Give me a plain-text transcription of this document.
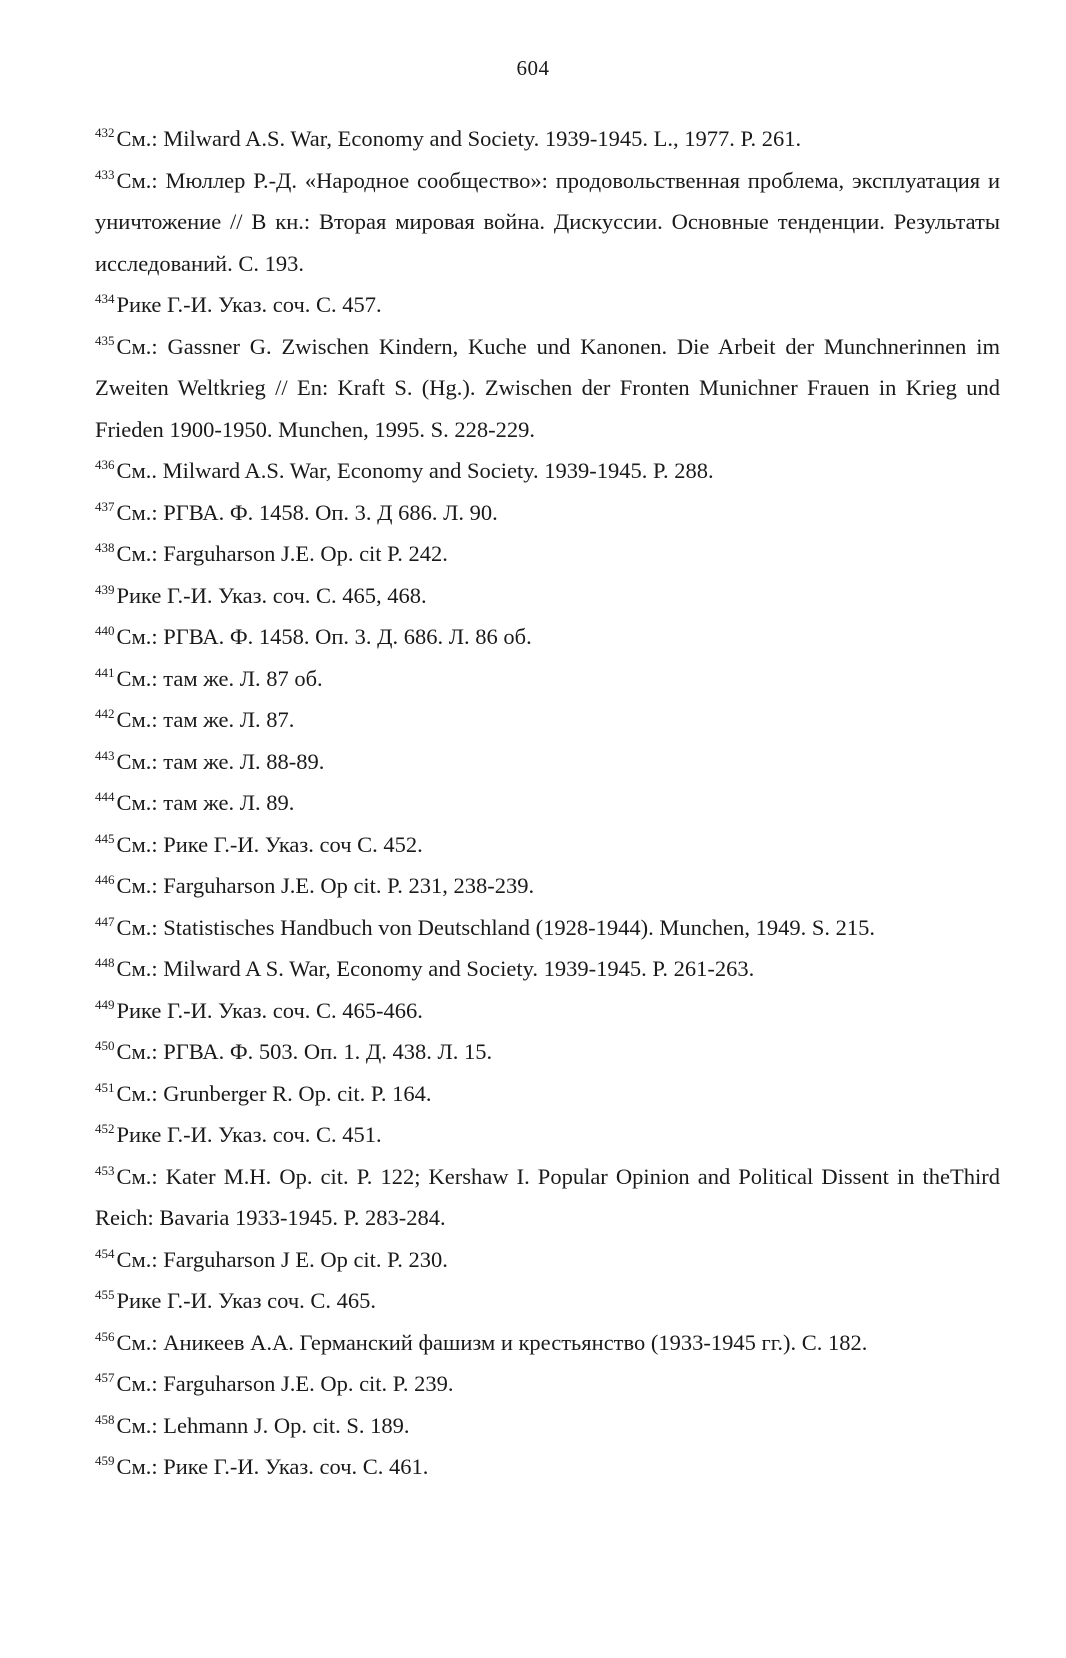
604
$^{432}$См.: Milward A.S. War, Economy and Society. 1939-1945. L., 1977. P. 261.
$^{433}$См.: Мюллер Р.-Д. «Народное сообщество»: продовольственная проблема, эксплуатация и уничтожение // В кн.: Вторая мировая война. Дискуссии. Основные тенденции. Результаты исследований. С. 193.
$^{434}$Рике Г.-И. Указ. соч. С. 457.
$^{435}$См.: Gassner G. Zwischen Kindern, Kuche und Kanonen. Die Arbeit der Munchnerinnen im Zweiten Weltkrieg // En: Kraft S. (Hg.). Zwischen der Fronten Munichner Frauen in Krieg und Frieden 1900-1950. Munchen, 1995. S. 228-229.
$^{436}$См.. Milward A.S. War, Economy and Society. 1939-1945. P. 288.
$^{437}$См.: РГВА. Ф. 1458. Оп. 3. Д 686. Л. 90.
$^{438}$См.: Farguharson J.E. Op. cit P. 242.
$^{439}$Рике Г.-И. Указ. соч. С. 465, 468.
$^{440}$См.: РГВА. Ф. 1458. Оп. 3. Д. 686. Л. 86 об.
$^{441}$См.: там же. Л. 87 об.
$^{442}$См.: там же. Л. 87.
$^{443}$См.: там же. Л. 88-89.
$^{444}$См.: там же. Л. 89.
$^{445}$См.: Рике Г.-И. Указ. соч С. 452.
$^{446}$См.: Farguharson J.E. Op cit. P. 231, 238-239.
$^{447}$См.: Statistisches Handbuch von Deutschland (1928-1944). Munchen, 1949. S. 215.
$^{448}$См.: Milward A S. War, Economy and Society. 1939-1945. P. 261-263.
$^{449}$Рике Г.-И. Указ. соч. С. 465-466.
$^{450}$См.: РГВА. Ф. 503. Оп. 1. Д. 438. Л. 15.
$^{451}$См.: Grunberger R. Op. cit. P. 164.
$^{452}$Рике Г.-И. Указ. соч. С. 451.
$^{453}$См.: Kater M.H. Op. cit. P. 122; Kershaw I. Popular Opinion and Political Dissent in theThird Reich: Bavaria 1933-1945. P. 283-284.
$^{454}$См.: Farguharson J E. Op cit. P. 230.
$^{455}$Рике Г.-И. Указ соч. С. 465.
$^{456}$См.: Аникеев А.А. Германский фашизм и крестьянство (1933-1945 гг.). С. 182.
$^{457}$См.: Farguharson J.E. Op. cit. P. 239.
$^{458}$См.: Lehmann J. Op. cit. S. 189.
$^{459}$См.: Рике Г.-И. Указ. соч. С. 461.
